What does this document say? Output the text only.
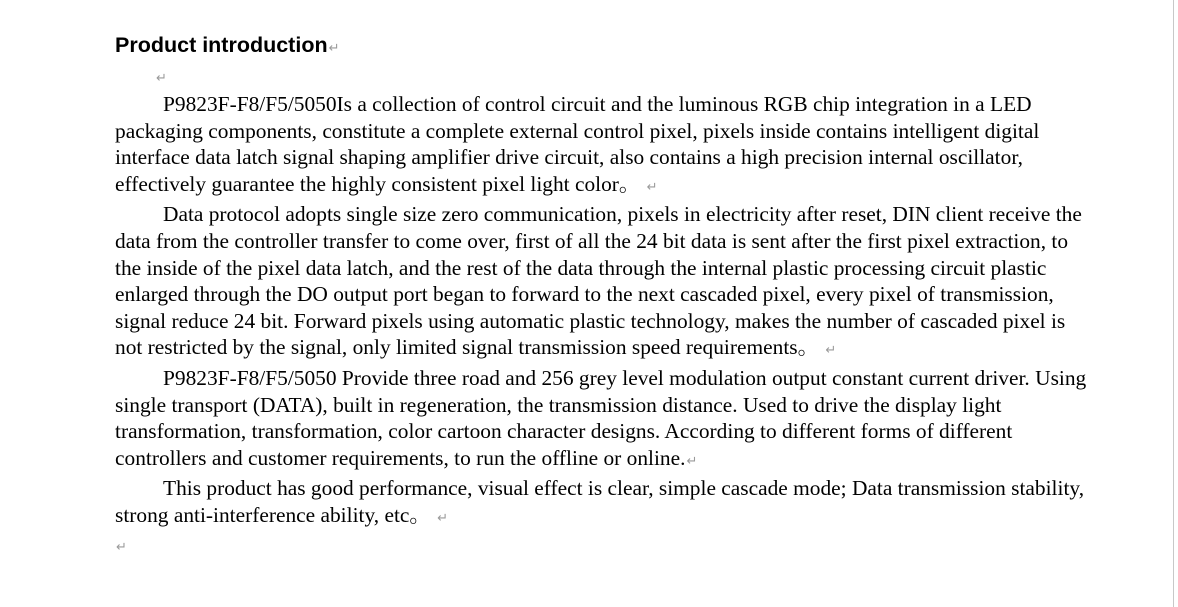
Product introduction↵
↵

P9823F-F8/F5/5050Is a collection of control circuit and the luminous RGB chip integration in a LED packaging components, constitute a complete external control pixel, pixels inside contains intelligent digital interface data latch signal shaping amplifier drive circuit, also contains a high precision internal oscillator, effectively guarantee the highly consistent pixel light color。 ↵

Data protocol adopts single size zero communication, pixels in electricity after reset, DIN client receive the data from the controller transfer to come over, first of all the 24 bit data is sent after the first pixel extraction, to the inside of the pixel data latch, and the rest of the data through the internal plastic processing circuit plastic enlarged through the DO output port began to forward to the next cascaded pixel, every pixel of transmission, signal reduce 24 bit. Forward pixels using automatic plastic technology, makes the number of cascaded pixel is not restricted by the signal, only limited signal transmission speed requirements。 ↵

P9823F-F8/F5/5050 Provide three road and 256 grey level modulation output constant current driver. Using single transport (DATA), built in regeneration, the transmission distance. Used to drive the display light transformation, transformation, color cartoon character designs. According to different forms of different controllers and customer requirements, to run the offline or online.↵

This product has good performance, visual effect is clear, simple cascade mode; Data transmission stability, strong anti-interference ability, etc。 ↵

↵
